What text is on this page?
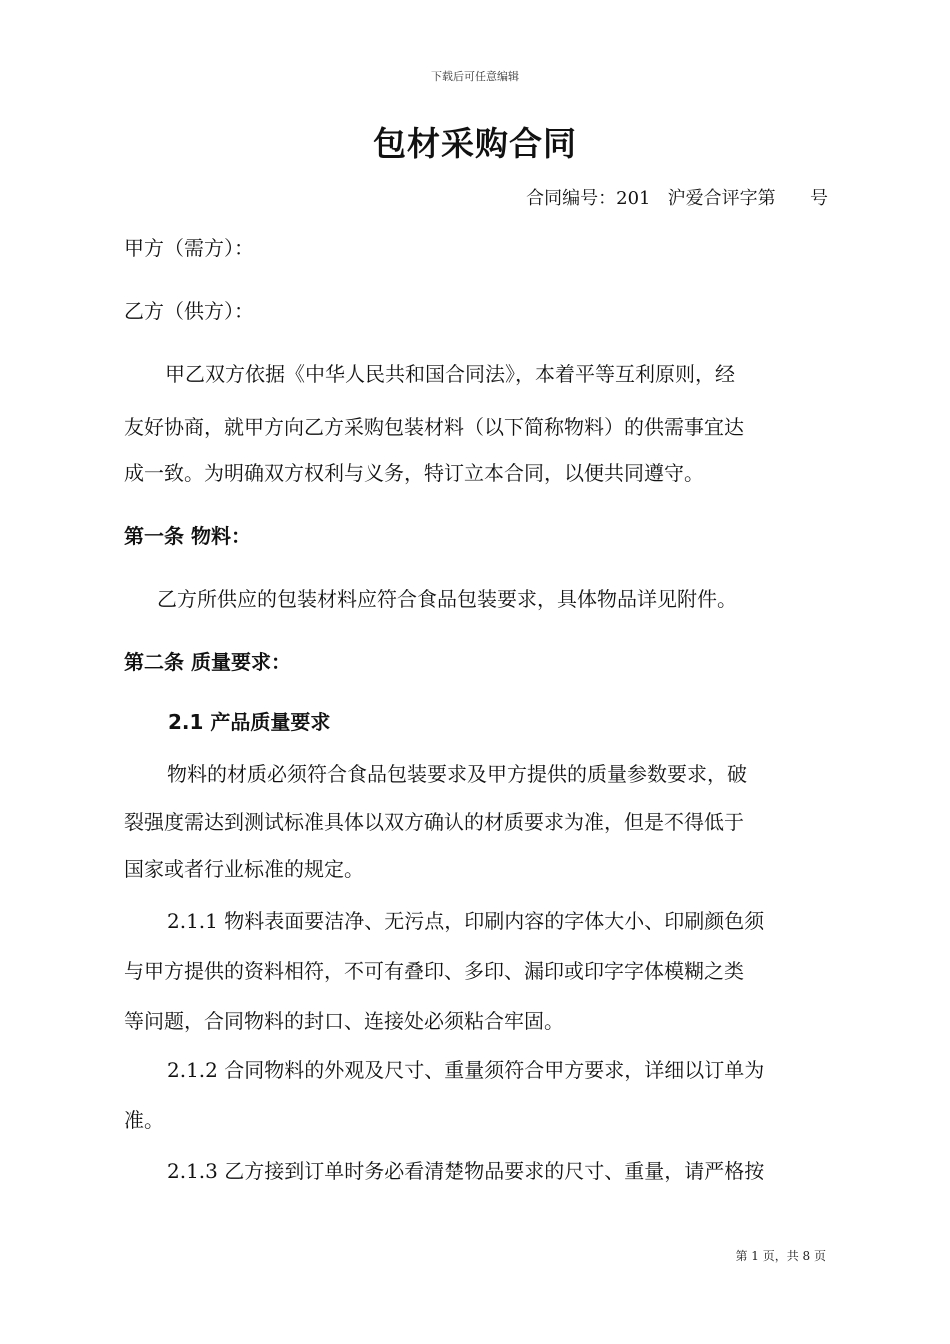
下载后可任意编辑
包材采购合同
合同编号：201   沪爱合评字第      号
甲方（需方）：
乙方（供方）：
甲乙双方依据《中华人民共和国合同法》，本着平等互利原则，经
友好协商，就甲方向乙方采购包装材料（以下简称物料）的供需事宜达
成一致。为明确双方权利与义务，特订立本合同，以便共同遵守。
第一条 物料：
乙方所供应的包装材料应符合食品包装要求，具体物品详见附件。
第二条 质量要求：
2.1 产品质量要求
物料的材质必须符合食品包装要求及甲方提供的质量参数要求，破
裂强度需达到测试标准具体以双方确认的材质要求为准，但是不得低于
国家或者行业标准的规定。
2.1.1 物料表面要洁净、无污点，印刷内容的字体大小、印刷颜色须
与甲方提供的资料相符，不可有叠印、多印、漏印或印字字体模糊之类
等问题，合同物料的封口、连接处必须粘合牢固。
2.1.2 合同物料的外观及尺寸、重量须符合甲方要求，详细以订单为
准。
2.1.3 乙方接到订单时务必看清楚物品要求的尺寸、重量，请严格按
第 1 页，共 8 页
